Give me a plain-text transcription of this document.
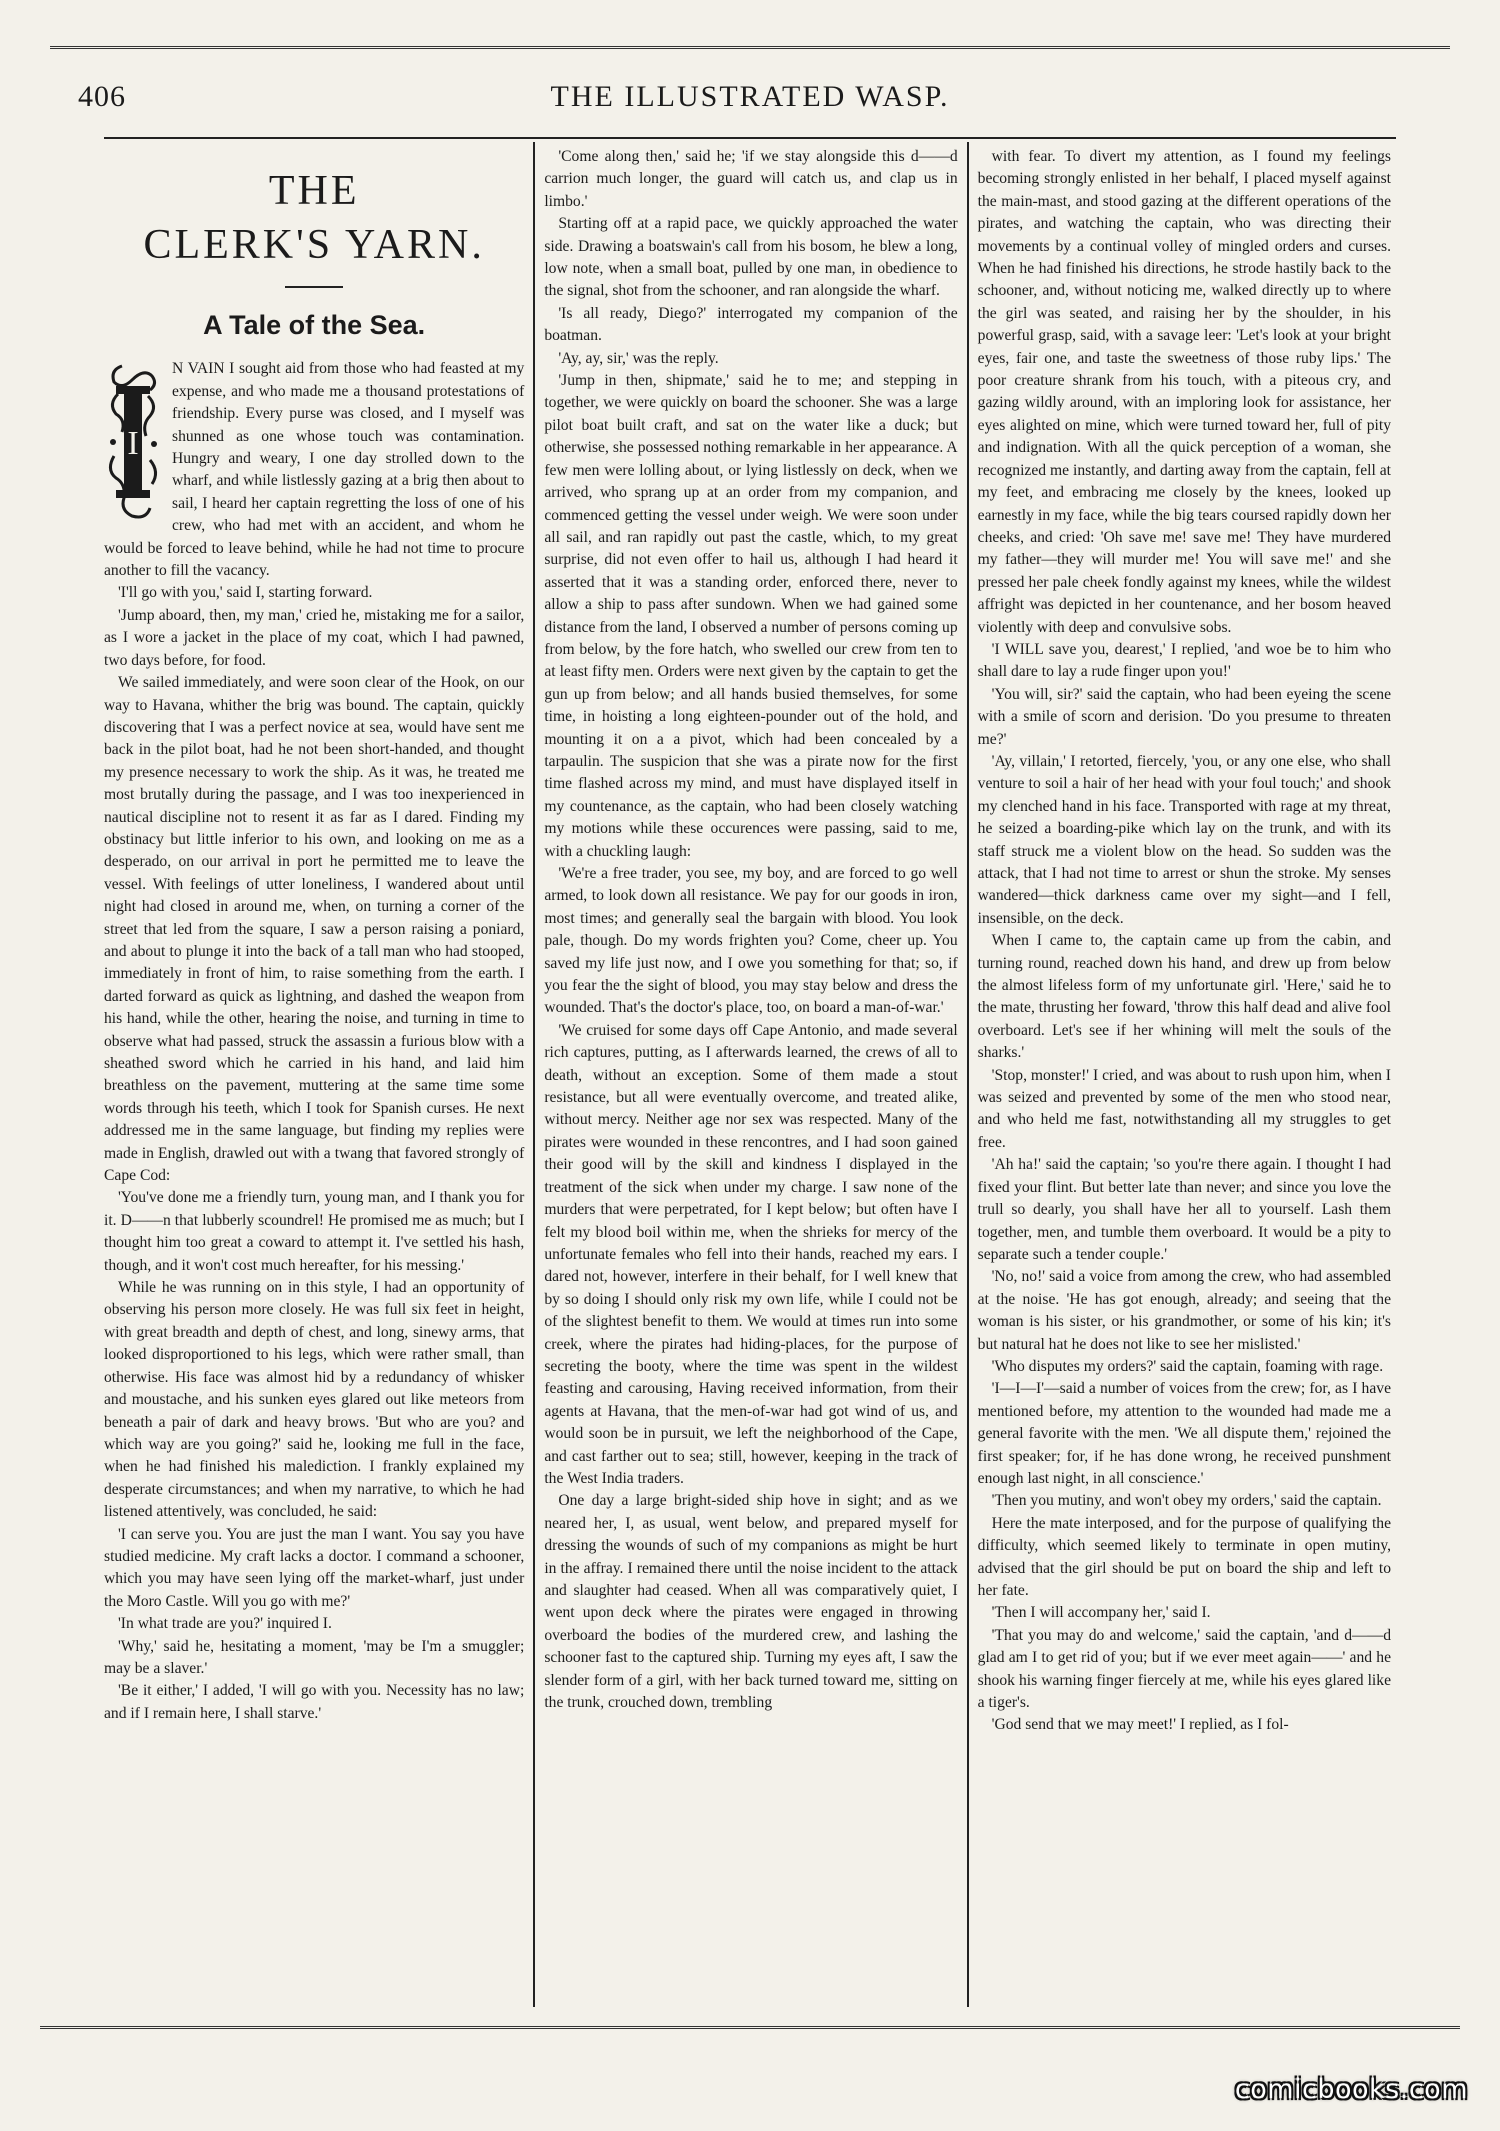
406	THE ILLUSTRATED WASP.
THE
CLERK'S YARN.
A Tale of the Sea.
I

N VAIN I sought aid from those who had feasted at my expense, and who made me a thousand protestations of friendship. Every purse was closed, and I myself was shunned as one whose touch was contamination. Hungry and weary, I one day strolled down to the wharf, and while listlessly gazing at a brig then about to sail, I heard her captain regretting the loss of one of his crew, who had met with an accident, and whom he would be forced to leave behind, while he had not time to procure another to fill the vacancy.

'I'll go with you,' said I, starting forward.

'Jump aboard, then, my man,' cried he, mistaking me for a sailor, as I wore a jacket in the place of my coat, which I had pawned, two days before, for food.

We sailed immediately, and were soon clear of the Hook, on our way to Havana, whither the brig was bound. The captain, quickly discovering that I was a perfect novice at sea, would have sent me back in the pilot boat, had he not been short-handed, and thought my presence necessary to work the ship. As it was, he treated me most brutally during the passage, and I was too inexperienced in nautical discipline not to resent it as far as I dared. Finding my obstinacy but little inferior to his own, and looking on me as a desperado, on our arrival in port he permitted me to leave the vessel. With feelings of utter loneliness, I wandered about until night had closed in around me, when, on turning a corner of the street that led from the square, I saw a person raising a poniard, and about to plunge it into the back of a tall man who had stooped, immediately in front of him, to raise something from the earth. I darted forward as quick as lightning, and dashed the weapon from his hand, while the other, hearing the noise, and turning in time to observe what had passed, struck the assassin a furious blow with a sheathed sword which he carried in his hand, and laid him breathless on the pavement, muttering at the same time some words through his teeth, which I took for Spanish curses. He next addressed me in the same language, but finding my replies were made in English, drawled out with a twang that favored strongly of Cape Cod:

'You've done me a friendly turn, young man, and I thank you for it. D——n that lubberly scoundrel! He promised me as much; but I thought him too great a coward to attempt it. I've settled his hash, though, and it won't cost much hereafter, for his messing.'

While he was running on in this style, I had an opportunity of observing his person more closely. He was full six feet in height, with great breadth and depth of chest, and long, sinewy arms, that looked disproportioned to his legs, which were rather small, than otherwise. His face was almost hid by a redundancy of whisker and moustache, and his sunken eyes glared out like meteors from beneath a pair of dark and heavy brows. 'But who are you? and which way are you going?' said he, looking me full in the face, when he had finished his malediction. I frankly explained my desperate circumstances; and when my narrative, to which he had listened attentively, was concluded, he said:

'I can serve you. You are just the man I want. You say you have studied medicine. My craft lacks a doctor. I command a schooner, which you may have seen lying off the market-wharf, just under the Moro Castle. Will you go with me?'

'In what trade are you?' inquired I.

'Why,' said he, hesitating a moment, 'may be I'm a smuggler; may be a slaver.'

'Be it either,' I added, 'I will go with you. Necessity has no law; and if I remain here, I shall starve.'

'Come along then,' said he; 'if we stay alongside this d——d carrion much longer, the guard will catch us, and clap us in limbo.'

Starting off at a rapid pace, we quickly approached the water side. Drawing a boatswain's call from his bosom, he blew a long, low note, when a small boat, pulled by one man, in obedience to the signal, shot from the schooner, and ran alongside the wharf.

'Is all ready, Diego?' interrogated my companion of the boatman.

'Ay, ay, sir,' was the reply.

'Jump in then, shipmate,' said he to me; and stepping in together, we were quickly on board the schooner. She was a large pilot boat built craft, and sat on the water like a duck; but otherwise, she possessed nothing remarkable in her appearance. A few men were lolling about, or lying listlessly on deck, when we arrived, who sprang up at an order from my companion, and commenced getting the vessel under weigh. We were soon under all sail, and ran rapidly out past the castle, which, to my great surprise, did not even offer to hail us, although I had heard it asserted that it was a standing order, enforced there, never to allow a ship to pass after sundown. When we had gained some distance from the land, I observed a number of persons coming up from below, by the fore hatch, who swelled our crew from ten to at least fifty men. Orders were next given by the captain to get the gun up from below; and all hands busied themselves, for some time, in hoisting a long eighteen-pounder out of the hold, and mounting it on a a pivot, which had been concealed by a tarpaulin. The suspicion that she was a pirate now for the first time flashed across my mind, and must have displayed itself in my countenance, as the captain, who had been closely watching my motions while these occurences were passing, said to me, with a chuckling laugh:

'We're a free trader, you see, my boy, and are forced to go well armed, to look down all resistance. We pay for our goods in iron, most times; and generally seal the bargain with blood. You look pale, though. Do my words frighten you? Come, cheer up. You saved my life just now, and I owe you something for that; so, if you fear the the sight of blood, you may stay below and dress the wounded. That's the doctor's place, too, on board a man-of-war.'

'We cruised for some days off Cape Antonio, and made several rich captures, putting, as I afterwards learned, the crews of all to death, without an exception. Some of them made a stout resistance, but all were eventually overcome, and treated alike, without mercy. Neither age nor sex was respected. Many of the pirates were wounded in these rencontres, and I had soon gained their good will by the skill and kindness I displayed in the treatment of the sick when under my charge. I saw none of the murders that were perpetrated, for I kept below; but often have I felt my blood boil within me, when the shrieks for mercy of the unfortunate females who fell into their hands, reached my ears. I dared not, however, interfere in their behalf, for I well knew that by so doing I should only risk my own life, while I could not be of the slightest benefit to them. We would at times run into some creek, where the pirates had hiding-places, for the purpose of secreting the booty, where the time was spent in the wildest feasting and carousing, Having received information, from their agents at Havana, that the men-of-war had got wind of us, and would soon be in pursuit, we left the neighborhood of the Cape, and cast farther out to sea; still, however, keeping in the track of the West India traders.

One day a large bright-sided ship hove in sight; and as we neared her, I, as usual, went below, and prepared myself for dressing the wounds of such of my companions as might be hurt in the affray. I remained there until the noise incident to the attack and slaughter had ceased. When all was comparatively quiet, I went upon deck where the pirates were engaged in throwing overboard the bodies of the murdered crew, and lashing the schooner fast to the captured ship. Turning my eyes aft, I saw the slender form of a girl, with her back turned toward me, sitting on the trunk, crouched down, trembling

with fear. To divert my attention, as I found my feelings becoming strongly enlisted in her behalf, I placed myself against the main-mast, and stood gazing at the different operations of the pirates, and watching the captain, who was directing their movements by a continual volley of mingled orders and curses. When he had finished his directions, he strode hastily back to the schooner, and, without noticing me, walked directly up to where the girl was seated, and raising her by the shoulder, in his powerful grasp, said, with a savage leer: 'Let's look at your bright eyes, fair one, and taste the sweetness of those ruby lips.' The poor creature shrank from his touch, with a piteous cry, and gazing wildly around, with an imploring look for assistance, her eyes alighted on mine, which were turned toward her, full of pity and indignation. With all the quick perception of a woman, she recognized me instantly, and darting away from the captain, fell at my feet, and embracing me closely by the knees, looked up earnestly in my face, while the big tears coursed rapidly down her cheeks, and cried: 'Oh save me! save me! They have murdered my father—they will murder me! You will save me!' and she pressed her pale cheek fondly against my knees, while the wildest affright was depicted in her countenance, and her bosom heaved violently with deep and convulsive sobs.

'I WILL save you, dearest,' I replied, 'and woe be to him who shall dare to lay a rude finger upon you!'

'You will, sir?' said the captain, who had been eyeing the scene with a smile of scorn and derision. 'Do you presume to threaten me?'

'Ay, villain,' I retorted, fiercely, 'you, or any one else, who shall venture to soil a hair of her head with your foul touch;' and shook my clenched hand in his face. Transported with rage at my threat, he seized a boarding-pike which lay on the trunk, and with its staff struck me a violent blow on the head. So sudden was the attack, that I had not time to arrest or shun the stroke. My senses wandered—thick darkness came over my sight—and I fell, insensible, on the deck.

When I came to, the captain came up from the cabin, and turning round, reached down his hand, and drew up from below the almost lifeless form of my unfortunate girl. 'Here,' said he to the mate, thrusting her foward, 'throw this half dead and alive fool overboard. Let's see if her whining will melt the souls of the sharks.'

'Stop, monster!' I cried, and was about to rush upon him, when I was seized and prevented by some of the men who stood near, and who held me fast, notwithstanding all my struggles to get free.

'Ah ha!' said the captain; 'so you're there again. I thought I had fixed your flint. But better late than never; and since you love the trull so dearly, you shall have her all to yourself. Lash them together, men, and tumble them overboard. It would be a pity to separate such a tender couple.'

'No, no!' said a voice from among the crew, who had assembled at the noise. 'He has got enough, already; and seeing that the woman is his sister, or his grandmother, or some of his kin; it's but natural hat he does not like to see her mislisted.'

'Who disputes my orders?' said the captain, foaming with rage.

'I—I—I'—said a number of voices from the crew; for, as I have mentioned before, my attention to the wounded had made me a general favorite with the men. 'We all dispute them,' rejoined the first speaker; for, if he has done wrong, he received punshment enough last night, in all conscience.'

'Then you mutiny, and won't obey my orders,' said the captain.

Here the mate interposed, and for the purpose of qualifying the difficulty, which seemed likely to terminate in open mutiny, advised that the girl should be put on board the ship and left to her fate.

'Then I will accompany her,' said I.

'That you may do and welcome,' said the captain, 'and d——d glad am I to get rid of you; but if we ever meet again——' and he shook his warning finger fiercely at me, while his eyes glared like a tiger's.

'God send that we may meet!' I replied, as I fol-

comicbooks.com
